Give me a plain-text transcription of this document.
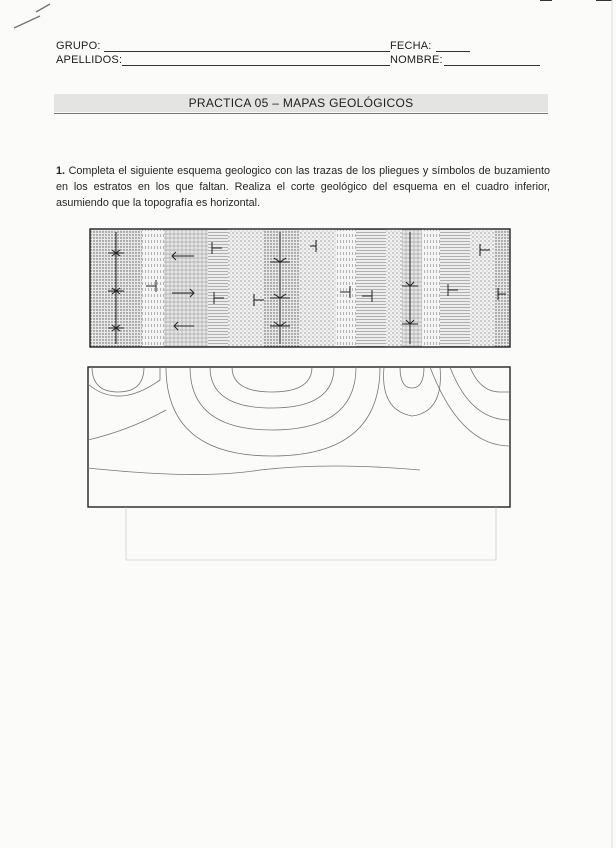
GRUPO:	FECHA:
APELLIDOS:	NOMBRE:
PRACTICA 05 – MAPAS GEOLÓGICOS
1. Completa el siguiente esquema geologico con las trazas de los pliegues y símbolos de buzamiento en los estratos en los que faltan. Realiza el corte geológico del esquema en el cuadro inferior, asumiendo que la topografía es horizontal.
